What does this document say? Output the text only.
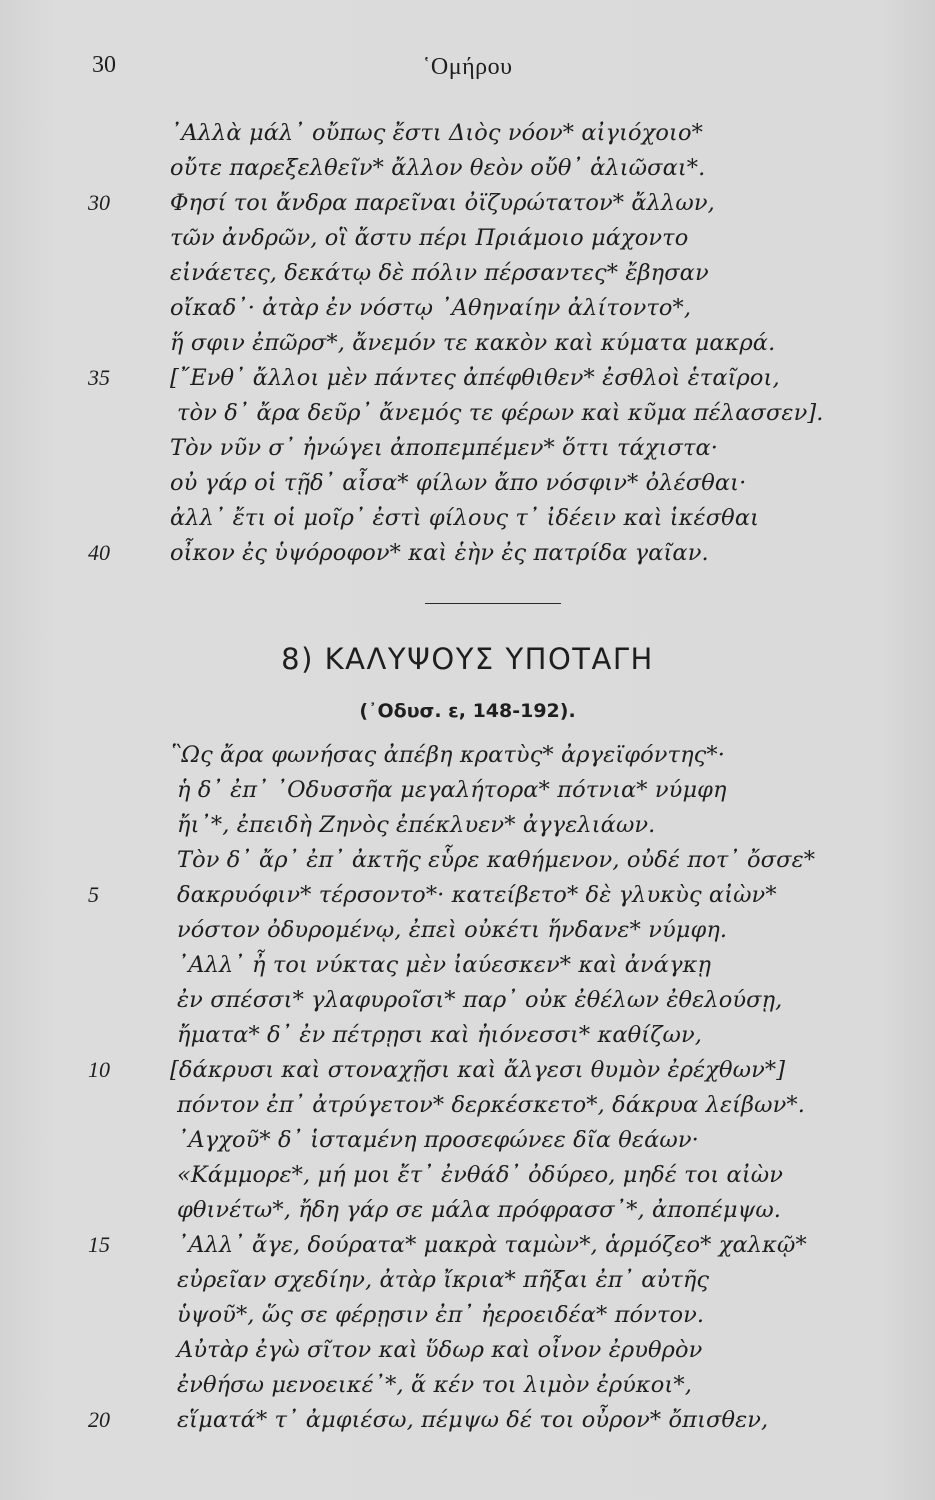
30	῾Ομήρου
᾿Αλλὰ μάλ᾿ οὔπως ἔστι Διὸς νόον* αἰγιόχοιο*
οὔτε παρεξελθεῖν* ἄλλον θεὸν οὔθ᾿ ἁλιῶσαι*.
30	Φησί τοι ἄνδρα παρεῖναι ὀϊζυρώτατον* ἄλλων,
τῶν ἀνδρῶν, οἳ ἄστυ πέρι Πριάμοιο μάχοντο
εἰνάετες, δεκάτῳ δὲ πόλιν πέρσαντες* ἔβησαν
οἴκαδ᾿· ἀτὰρ ἐν νόστῳ ᾿Αθηναίην ἀλίτοντο*,
ἥ σφιν ἐπῶρσ*, ἄνεμόν τε κακὸν καὶ κύματα μακρά.
35	[῎Ενθ᾿ ἄλλοι μὲν πάντες ἀπέφθιθεν* ἐσθλοὶ ἑταῖροι,
τὸν δ᾿ ἄρα δεῦρ᾿ ἄνεμός τε φέρων καὶ κῦμα πέλασσεν].
Τὸν νῦν σ᾿ ἠνώγει ἀποπεμπέμεν* ὅττι τάχιστα·
οὐ γάρ οἱ τῇδ᾿ αἶσα* φίλων ἄπο νόσφιν* ὀλέσθαι·
ἀλλ᾿ ἔτι οἱ μοῖρ᾿ ἐστὶ φίλους τ᾿ ἰδέειν καὶ ἱκέσθαι
40	οἶκον ἐς ὑψόροφον* καὶ ἑὴν ἐς πατρίδα γαῖαν.
8) ΚΑΛΥΨΟΥΣ ΥΠΟΤΑΓΗ
(᾿Οδυσ. ε, 148-192).
῝Ως ἄρα φωνήσας ἀπέβη κρατὺς* ἀργεϊφόντης*·
ἡ δ᾿ ἐπ᾿ ᾿Οδυσσῆα μεγαλήτορα* πότνια* νύμφη
ἤι᾿*, ἐπειδὴ Ζηνὸς ἐπέκλυεν* ἀγγελιάων.
Τὸν δ᾿ ἄρ᾿ ἐπ᾿ ἀκτῆς εὗρε καθήμενον, οὐδέ ποτ᾿ ὄσσε*
5	δακρυόφιν* τέρσοντο*· κατείβετο* δὲ γλυκὺς αἰὼν*
νόστον ὀδυρομένῳ, ἐπεὶ οὐκέτι ἥνδανε* νύμφη.
᾿Αλλ᾿ ἦ τοι νύκτας μὲν ἰαύεσκεν* καὶ ἀνάγκῃ
ἐν σπέσσι* γλαφυροῖσι* παρ᾿ οὐκ ἐθέλων ἐθελούσῃ,
ἤματα* δ᾿ ἐν πέτρῃσι καὶ ἠιόνεσσι* καθίζων,
10	[δάκρυσι καὶ στοναχῇσι καὶ ἄλγεσι θυμὸν ἐρέχθων*]
πόντον ἐπ᾿ ἀτρύγετον* δερκέσκετο*, δάκρυα λείβων*.
᾿Αγχοῦ* δ᾿ ἱσταμένη προσεφώνεε δῖα θεάων·
«Κάμμορε*, μή μοι ἔτ᾿ ἐνθάδ᾿ ὀδύρεο, μηδέ τοι αἰὼν
φθινέτω*, ἤδη γάρ σε μάλα πρόφρασσ᾿*, ἀποπέμψω.
15	᾿Αλλ᾿ ἄγε, δούρατα* μακρὰ ταμὼν*, ἁρμόζεο* χαλκῷ*
εὐρεῖαν σχεδίην, ἀτὰρ ἴκρια* πῆξαι ἐπ᾿ αὐτῆς
ὑψοῦ*, ὥς σε φέρῃσιν ἐπ᾿ ἠεροειδέα* πόντον.
Αὐτὰρ ἐγὼ σῖτον καὶ ὕδωρ καὶ οἶνον ἐρυθρὸν
ἐνθήσω μενοεικέ᾿*, ἅ κέν τοι λιμὸν ἐρύκοι*,
20	εἵματά* τ᾿ ἀμφιέσω, πέμψω δέ τοι οὖρον* ὄπισθεν,
